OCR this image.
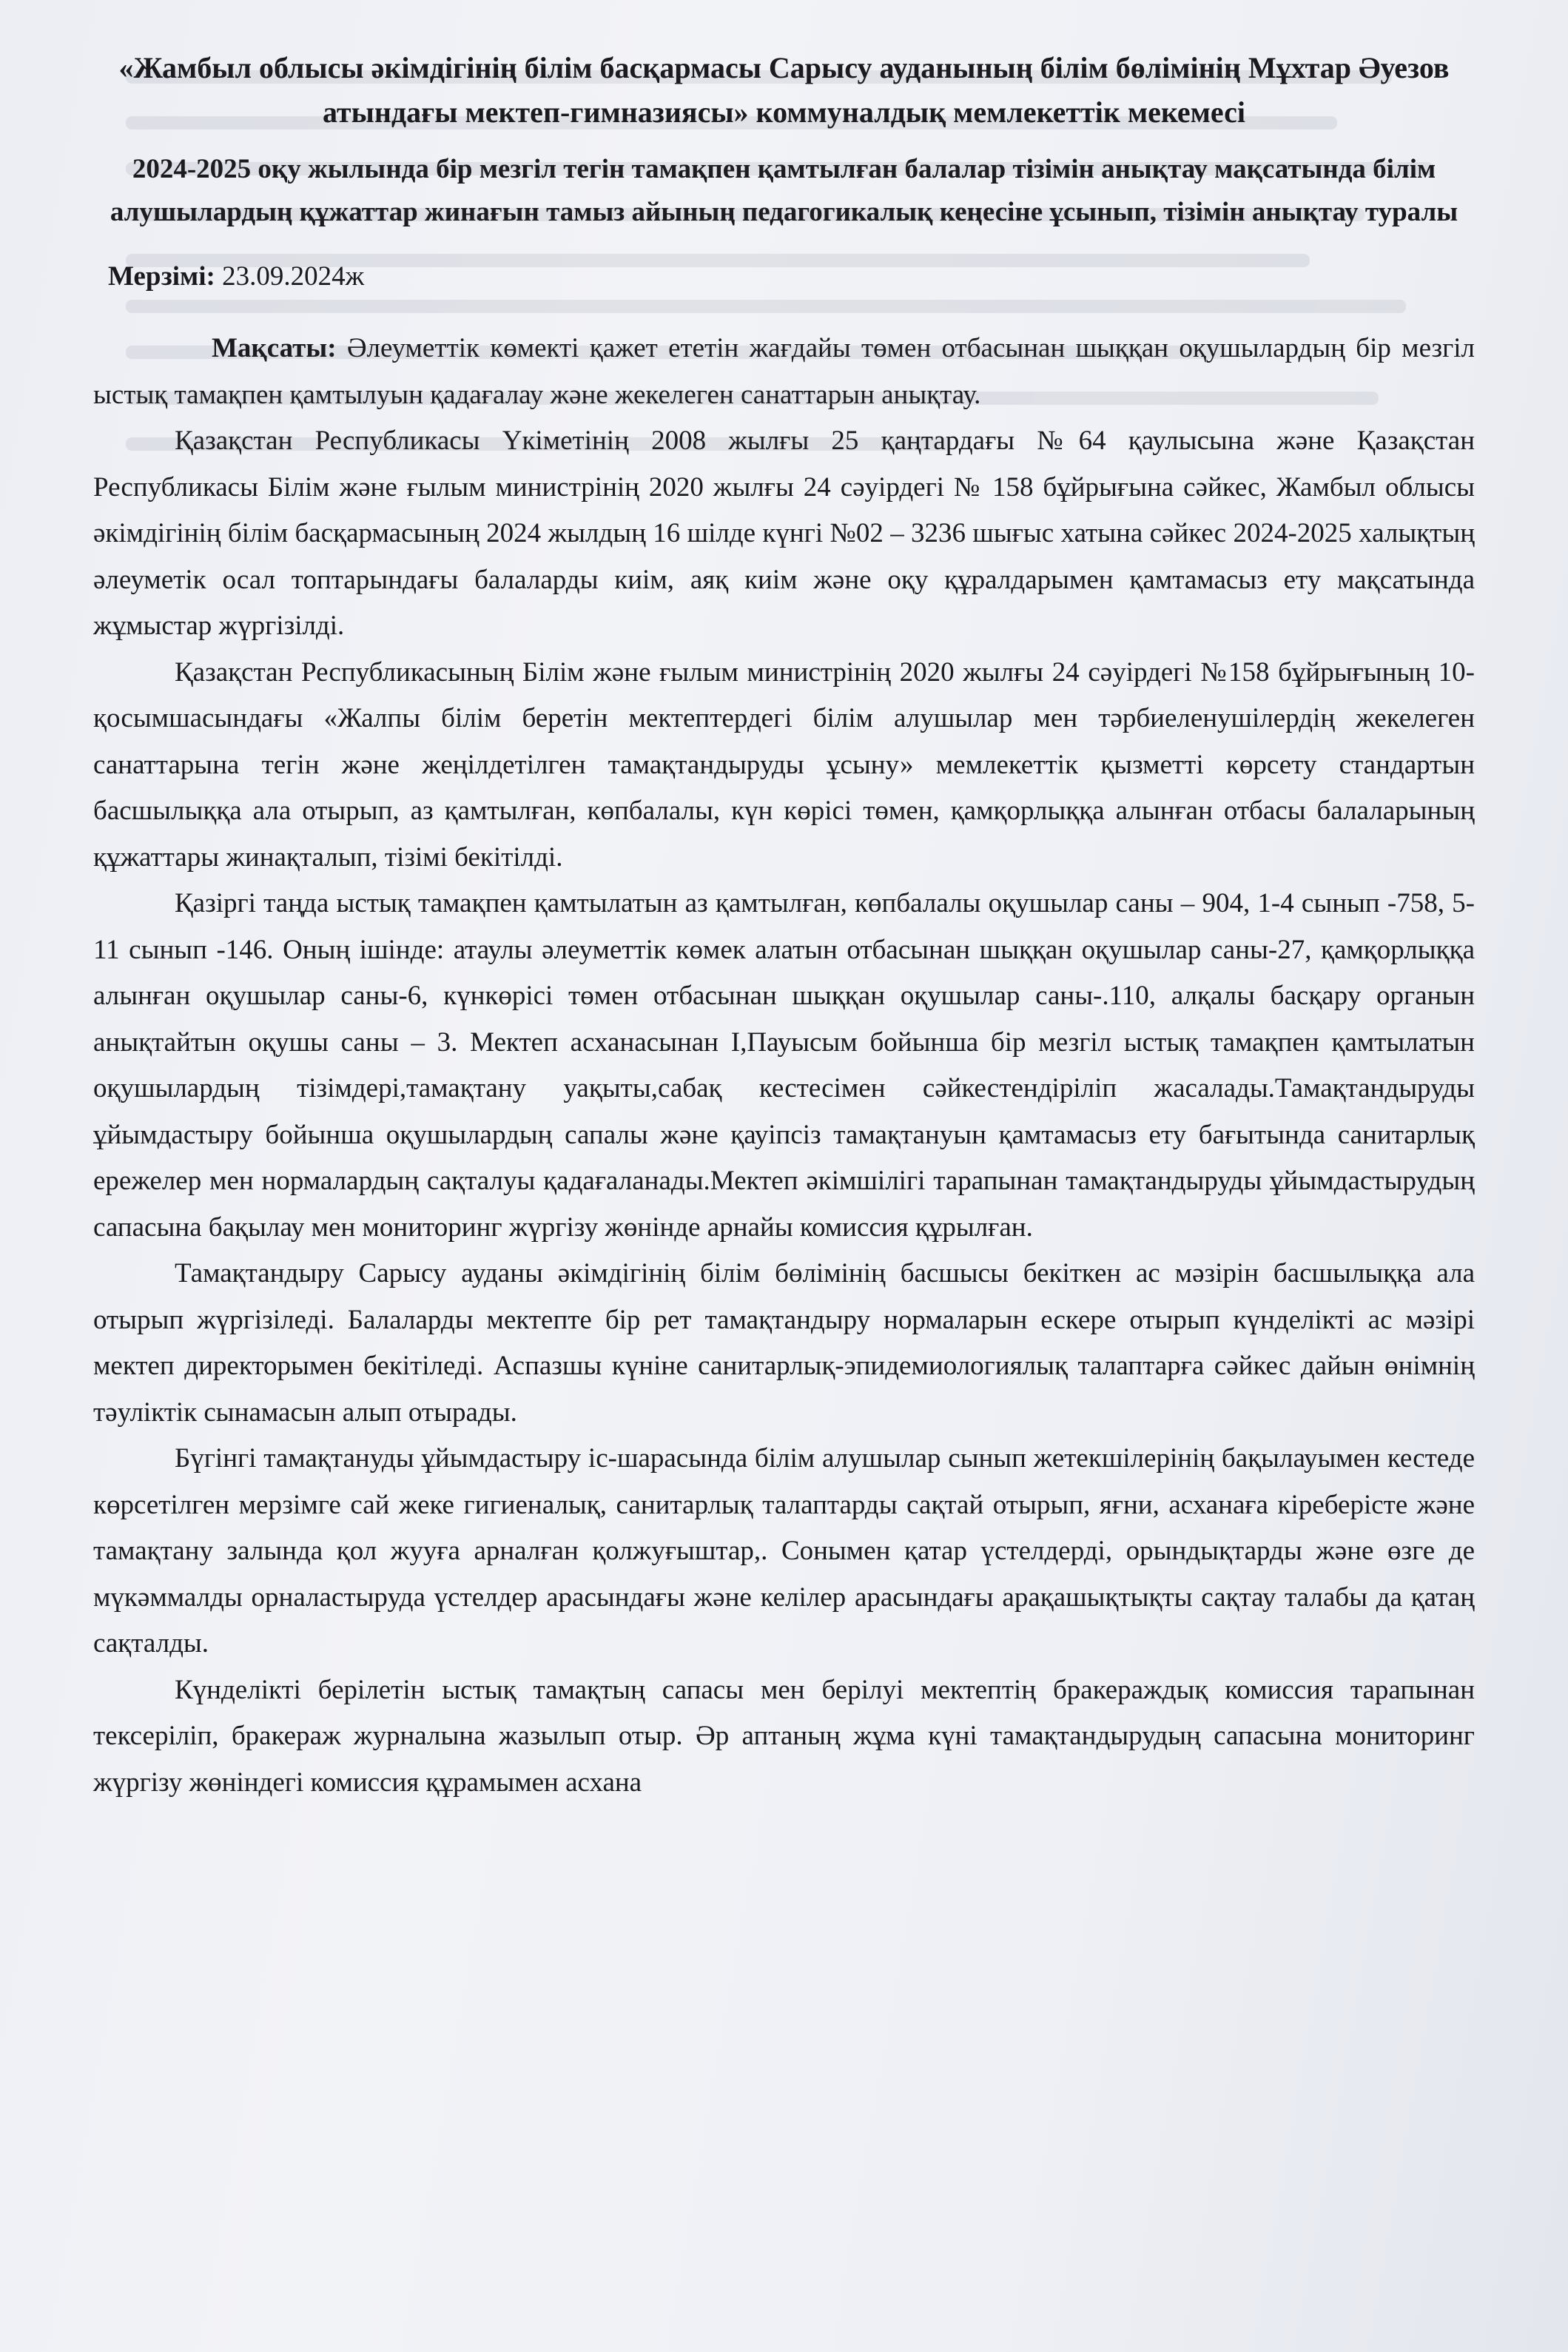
«Жамбыл облысы әкімдігінің білім басқармасы Сарысу ауданының білім бөлімінің Мұхтар Әуезов атындағы мектеп-гимназиясы» коммуналдық мемлекеттік мекемесі
2024-2025 оқу жылында бір мезгіл тегін тамақпен қамтылған балалар тізімін анықтау мақсатында білім алушылардың құжаттар жинағын тамыз айының педагогикалық кеңесіне ұсынып, тізімін анықтау туралы

Мерзімі: 23.09.2024ж

Мақсаты: Әлеуметтік көмекті қажет ететін жағдайы төмен отбасынан шыққан оқушылардың бір мезгіл ыстық тамақпен қамтылуын қадағалау және жекелеген санаттарын анықтау.

Қазақстан Республикасы Үкіметінің 2008 жылғы 25 қаңтардағы №64 қаулысына және Қазақстан Республикасы Білім және ғылым министрінің 2020 жылғы 24 сәуірдегі № 158 бұйрығына сәйкес, Жамбыл облысы әкімдігінің білім басқармасының 2024 жылдың 16 шілде күнгі №02 – 3236 шығыс хатына сәйкес 2024-2025 халықтың әлеуметік осал топтарындағы балаларды киім, аяқ киім және оқу құралдарымен қамтамасыз ету мақсатында жұмыстар жүргізілді.

Қазақстан Республикасының Білім және ғылым министрінің 2020 жылғы 24 сәуірдегі №158 бұйрығының 10-қосымшасындағы «Жалпы білім беретін мектептердегі білім алушылар мен тәрбиеленушілердің жекелеген санаттарына тегін және жеңілдетілген тамақтандыруды ұсыну» мемлекеттік қызметті көрсету стандартын басшылыққа ала отырып, аз қамтылған, көпбалалы, күн көрісі төмен, қамқорлыққа алынған отбасы балаларының құжаттары жинақталып, тізімі бекітілді.

Қазіргі таңда ыстық тамақпен қамтылатын аз қамтылған, көпбалалы оқушылар саны – 904, 1-4 сынып -758, 5-11 сынып -146. Оның ішінде: атаулы әлеуметтік көмек алатын отбасынан шыққан оқушылар саны-27, қамқорлыққа алынған оқушылар саны-6, күнкөрісі төмен отбасынан шыққан оқушылар саны-.110, алқалы басқару органын анықтайтын оқушы саны – 3. Мектеп асханасынан І,Пауысым бойынша бір мезгіл ыстық тамақпен қамтылатын оқушылардың тізімдері,тамақтану уақыты,сабақ кестесімен сәйкестендіріліп жасалады.Тамақтандыруды ұйымдастыру бойынша оқушылардың сапалы және қауіпсіз тамақтануын қамтамасыз ету бағытында санитарлық ережелер мен нормалардың сақталуы қадағаланады.Мектеп әкімшілігі тарапынан тамақтандыруды ұйымдастырудың сапасына бақылау мен мониторинг жүргізу жөнінде арнайы комиссия құрылған.

Тамақтандыру Сарысу ауданы әкімдігінің білім бөлімінің басшысы бекіткен ас мәзірін басшылыққа ала отырып жүргізіледі. Балаларды мектепте бір рет тамақтандыру нормаларын ескере отырып күнделікті ас мәзірі мектеп директорымен бекітіледі. Аспазшы күніне санитарлық-эпидемиологиялық талаптарға сәйкес дайын өнімнің тәуліктік сынамасын алып отырады.

Бүгінгі тамақтануды ұйымдастыру іс-шарасында білім алушылар сынып жетекшілерінің бақылауымен кестеде көрсетілген мерзімге сай жеке гигиеналық, санитарлық талаптарды сақтай отырып, яғни, асханаға кіреберісте және тамақтану залында қол жууға арналған қолжуғыштар,. Сонымен қатар үстелдерді, орындықтарды және өзге де мүкәммалды орналастыруда үстелдер арасындағы және келілер арасындағы арақашықтықты сақтау талабы да қатаң сақталды.

Күнделікті берілетін ыстық тамақтың сапасы мен берілуі мектептің бракераждық комиссия тарапынан тексеріліп, бракераж журналына жазылып отыр. Әр аптаның жұма күні тамақтандырудың сапасына мониторинг жүргізу жөніндегі комиссия құрамымен асхана
